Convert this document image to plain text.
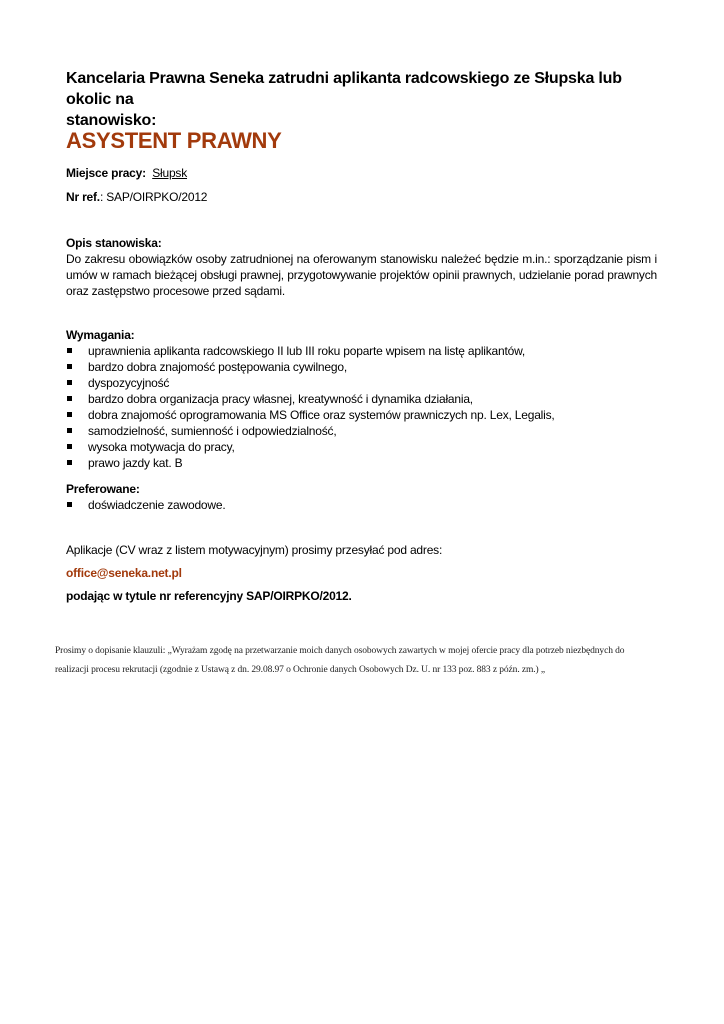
Kancelaria Prawna Seneka zatrudni aplikanta radcowskiego ze Słupska lub okolic na
stanowisko:
ASYSTENT PRAWNY
Miejsce pracy: Słupsk
Nr ref.: SAP/OIRPKO/2012
Opis stanowiska:
Do zakresu obowiązków osoby zatrudnionej na oferowanym stanowisku należeć będzie m.in.: sporządzanie pism i umów w ramach bieżącej obsługi prawnej, przygotowywanie projektów opinii prawnych, udzielanie porad prawnych oraz zastępstwo procesowe przed sądami.
Wymagania:
uprawnienia aplikanta radcowskiego II lub III roku poparte wpisem na listę aplikantów,
bardzo dobra znajomość postępowania cywilnego,
dyspozycyjność
bardzo dobra organizacja pracy własnej, kreatywność i dynamika działania,
dobra znajomość oprogramowania MS Office oraz systemów prawniczych np. Lex, Legalis,
samodzielność, sumienność i odpowiedzialność,
wysoka motywacja do pracy,
prawo jazdy kat. B
Preferowane:
doświadczenie zawodowe.
Aplikacje (CV wraz z listem motywacyjnym) prosimy przesyłać pod adres:
office@seneka.net.pl
podając w tytule nr referencyjny SAP/OIRPKO/2012.
Prosimy o dopisanie klauzuli: „Wyrażam zgodę na przetwarzanie moich danych osobowych zawartych w mojej ofercie pracy dla potrzeb niezbędnych do
realizacji procesu rekrutacji (zgodnie z Ustawą z dn. 29.08.97 o Ochronie danych Osobowych Dz. U. nr 133 poz. 883 z późn. zm.) „
